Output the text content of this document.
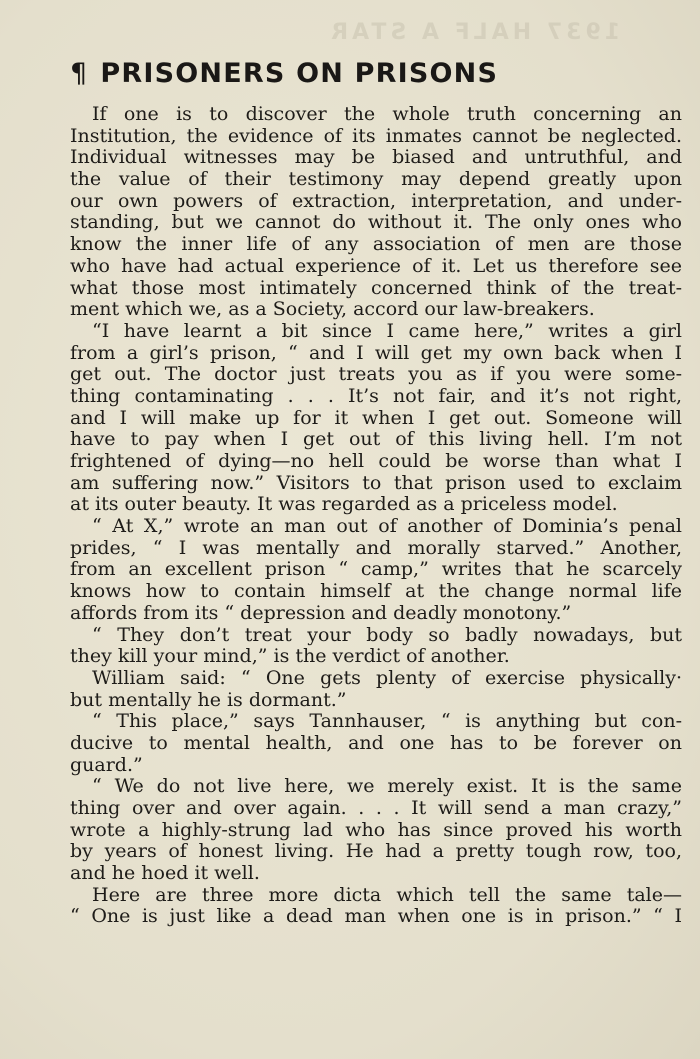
1937 HALF A STAR
¶ PRISONERS ON PRISONS
If one is to discover the whole truth concerning an
Institution, the evidence of its inmates cannot be neglected.
Individual witnesses may be biased and untruthful, and
the value of their testimony may depend greatly upon
our own powers of extraction, interpretation, and under-
standing, but we cannot do without it. The only ones who
know the inner life of any association of men are those
who have had actual experience of it. Let us therefore see
what those most intimately concerned think of the treat-
ment which we, as a Society, accord our law-breakers.
“I have learnt a bit since I came here,” writes a girl
from a girl’s prison, “ and I will get my own back when I
get out. The doctor just treats you as if you were some-
thing contaminating . . . It’s not fair, and it’s not right,
and I will make up for it when I get out. Someone will
have to pay when I get out of this living hell. I’m not
frightened of dying—no hell could be worse than what I
am suffering now.” Visitors to that prison used to exclaim
at its outer beauty. It was regarded as a priceless model.
“ At X,” wrote an man out of another of Dominia’s penal
prides, “ I was mentally and morally starved.” Another,
from an excellent prison “ camp,” writes that he scarcely
knows how to contain himself at the change normal life
affords from its “ depression and deadly monotony.”
“ They don’t treat your body so badly nowadays, but
they kill your mind,” is the verdict of another.
William said: “ One gets plenty of exercise physically·
but mentally he is dormant.”
“ This place,” says Tannhauser, “ is anything but con-
ducive to mental health, and one has to be forever on
guard.”
“ We do not live here, we merely exist. It is the same
thing over and over again. . . . It will send a man crazy,”
wrote a highly-strung lad who has since proved his worth
by years of honest living. He had a pretty tough row, too,
and he hoed it well.
Here are three more dicta which tell the same tale—
“ One is just like a dead man when one is in prison.” “ I
